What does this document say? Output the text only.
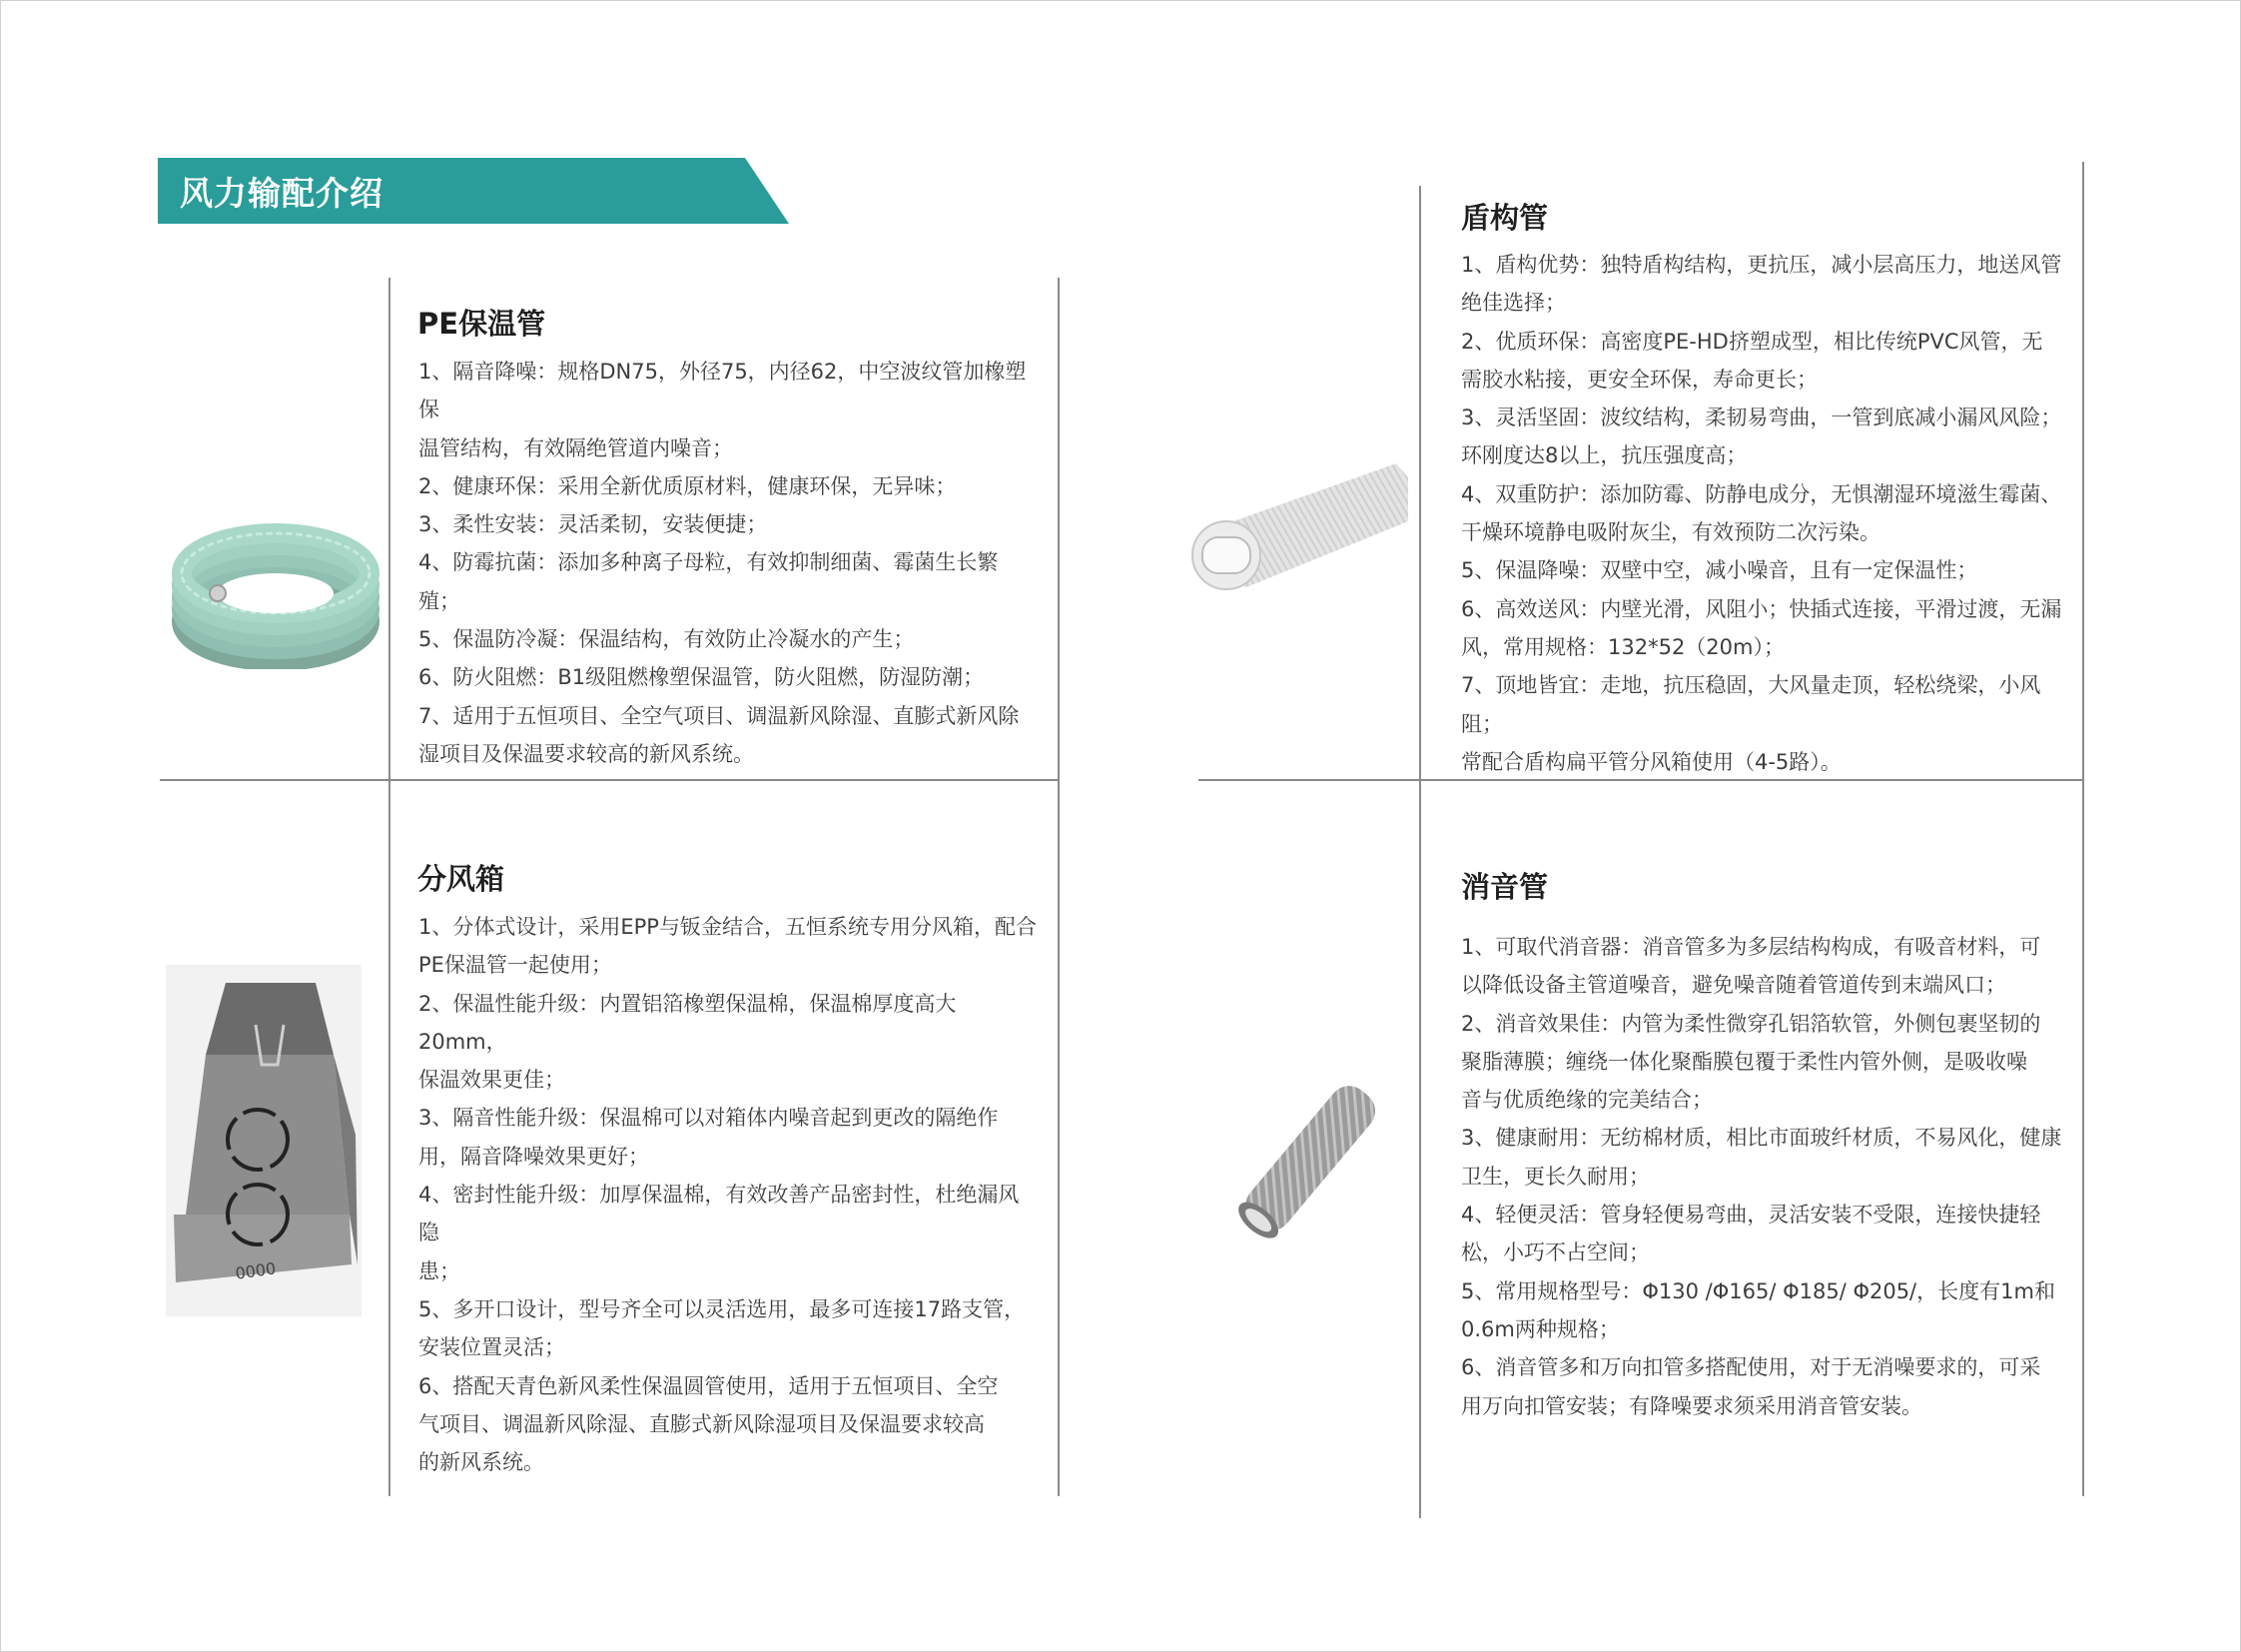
风力输配介绍
PE保温管

1、隔音降噪：规格DN75，外径75，内径62，中空波纹管加橡塑保

温管结构，有效隔绝管道内噪音；

2、健康环保：采用全新优质原材料，健康环保，无异味；

3、柔性安装：灵活柔韧，安装便捷；

4、防霉抗菌：添加多种离子母粒，有效抑制细菌、霉菌生长繁殖；

5、保温防冷凝：保温结构，有效防止冷凝水的产生；

6、防火阻燃：B1级阻燃橡塑保温管，防火阻燃，防湿防潮；

7、适用于五恒项目、全空气项目、调温新风除湿、直膨式新风除

湿项目及保温要求较高的新风系统。

盾构管

1、盾构优势：独特盾构结构，更抗压，减小层高压力，地送风管

绝佳选择；

2、优质环保：高密度PE-HD挤塑成型，相比传统PVC风管，无

需胶水粘接，更安全环保，寿命更长；

3、灵活坚固：波纹结构，柔韧易弯曲，一管到底减小漏风风险；

环刚度达8以上，抗压强度高；

4、双重防护：添加防霉、防静电成分，无惧潮湿环境滋生霉菌、

干燥环境静电吸附灰尘，有效预防二次污染。

5、保温降噪：双壁中空，减小噪音，且有一定保温性；

6、高效送风：内壁光滑，风阻小；快插式连接，平滑过渡，无漏

风，常用规格：132*52（20m）；

7、顶地皆宜：走地，抗压稳固，大风量走顶，轻松绕梁，小风阻；

常配合盾构扁平管分风箱使用（4-5路）。

0000
分风箱

1、分体式设计，采用EPP与钣金结合，五恒系统专用分风箱，配合

PE保温管一起使用；

2、保温性能升级：内置铝箔橡塑保温棉，保温棉厚度高大20mm，

保温效果更佳；

3、隔音性能升级：保温棉可以对箱体内噪音起到更改的隔绝作

用，隔音降噪效果更好；

4、密封性能升级：加厚保温棉，有效改善产品密封性，杜绝漏风隐

患；

5、多开口设计，型号齐全可以灵活选用，最多可连接17路支管，

安装位置灵活；

6、搭配天青色新风柔性保温圆管使用，适用于五恒项目、全空

气项目、调温新风除湿、直膨式新风除湿项目及保温要求较高

的新风系统。

消音管

1、可取代消音器：消音管多为多层结构构成，有吸音材料，可

以降低设备主管道噪音，避免噪音随着管道传到末端风口；

2、消音效果佳：内管为柔性微穿孔铝箔软管，外侧包裹坚韧的

聚脂薄膜；缠绕一体化聚酯膜包覆于柔性内管外侧，是吸收噪

音与优质绝缘的完美结合；

3、健康耐用：无纺棉材质，相比市面玻纤材质，不易风化，健康

卫生，更长久耐用；

4、轻便灵活：管身轻便易弯曲，灵活安装不受限，连接快捷轻

松，小巧不占空间；

5、常用规格型号：Φ130 /Φ165/ Φ185/ Φ205/，长度有1m和

0.6m两种规格；

6、消音管多和万向扣管多搭配使用，对于无消噪要求的，可采

用万向扣管安装；有降噪要求须采用消音管安装。
